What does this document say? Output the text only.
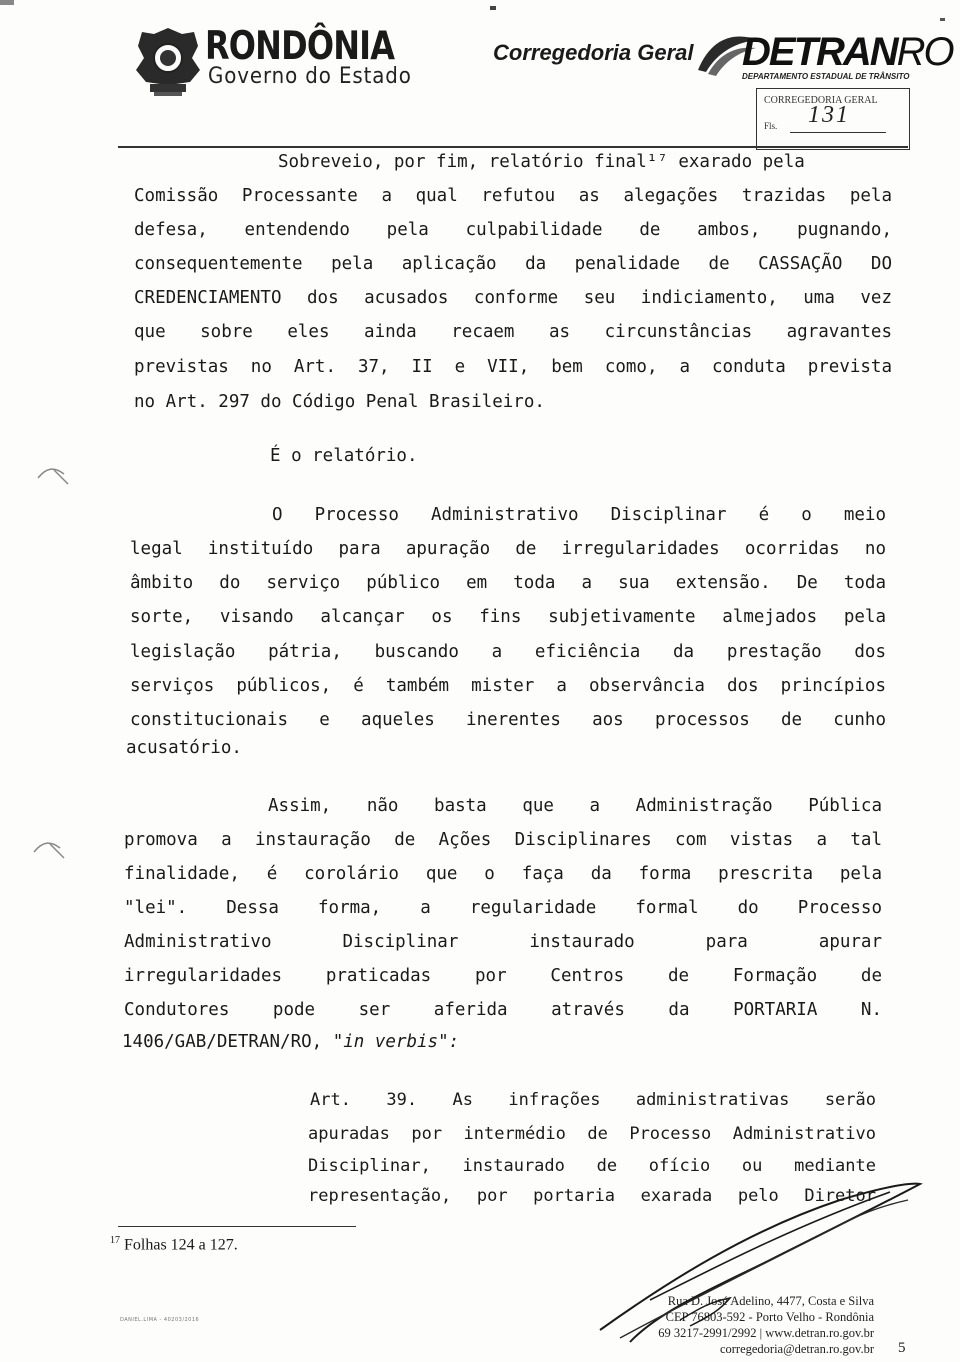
RONDÔNIA
Governo do Estado
Corregedoria Geral DETRANRO
DEPARTAMENTO ESTADUAL DE TRÂNSITO
CORREGEDORIA GERAL
Fls. 131
Sobreveio, por fim, relatório final¹⁷ exarado pela
Comissão Processante a qual refutou as alegações trazidas pela
defesa, entendendo pela culpabilidade de ambos, pugnando,
consequentemente pela aplicação da penalidade de CASSAÇÃO DO
CREDENCIAMENTO dos acusados conforme seu indiciamento, uma vez
que sobre eles ainda recaem as circunstâncias agravantes
previstas no Art. 37, II e VII, bem como, a conduta prevista
no Art. 297 do Código Penal Brasileiro.
É o relatório.
O Processo Administrativo Disciplinar é o meio
legal instituído para apuração de irregularidades ocorridas no
âmbito do serviço público em toda a sua extensão. De toda
sorte, visando alcançar os fins subjetivamente almejados pela
legislação pátria, buscando a eficiência da prestação dos
serviços públicos, é também mister a observância dos princípios
constitucionais e aqueles inerentes aos processos de cunho
acusatório.
Assim, não basta que a Administração Pública
promova a instauração de Ações Disciplinares com vistas a tal
finalidade, é corolário que o faça da forma prescrita pela
"lei". Dessa forma, a regularidade formal do Processo
Administrativo Disciplinar instaurado para apurar
irregularidades praticadas por Centros de Formação de
Condutores pode ser aferida através da PORTARIA N.
1406/GAB/DETRAN/RO, "in verbis":
Art. 39. As infrações administrativas serão
apuradas por intermédio de Processo Administrativo
Disciplinar, instaurado de ofício ou mediante
representação, por portaria exarada pelo Diretor
$^{17}$ Folhas 124 a 127.
DANIEL.LIMA - 40203/2016
Rua D. José Adelino, 4477, Costa e Silva
CEP 76803-592 - Porto Velho - Rondônia
69 3217-2991/2992 | www.detran.ro.gov.br
corregedoria@detran.ro.gov.br 5
